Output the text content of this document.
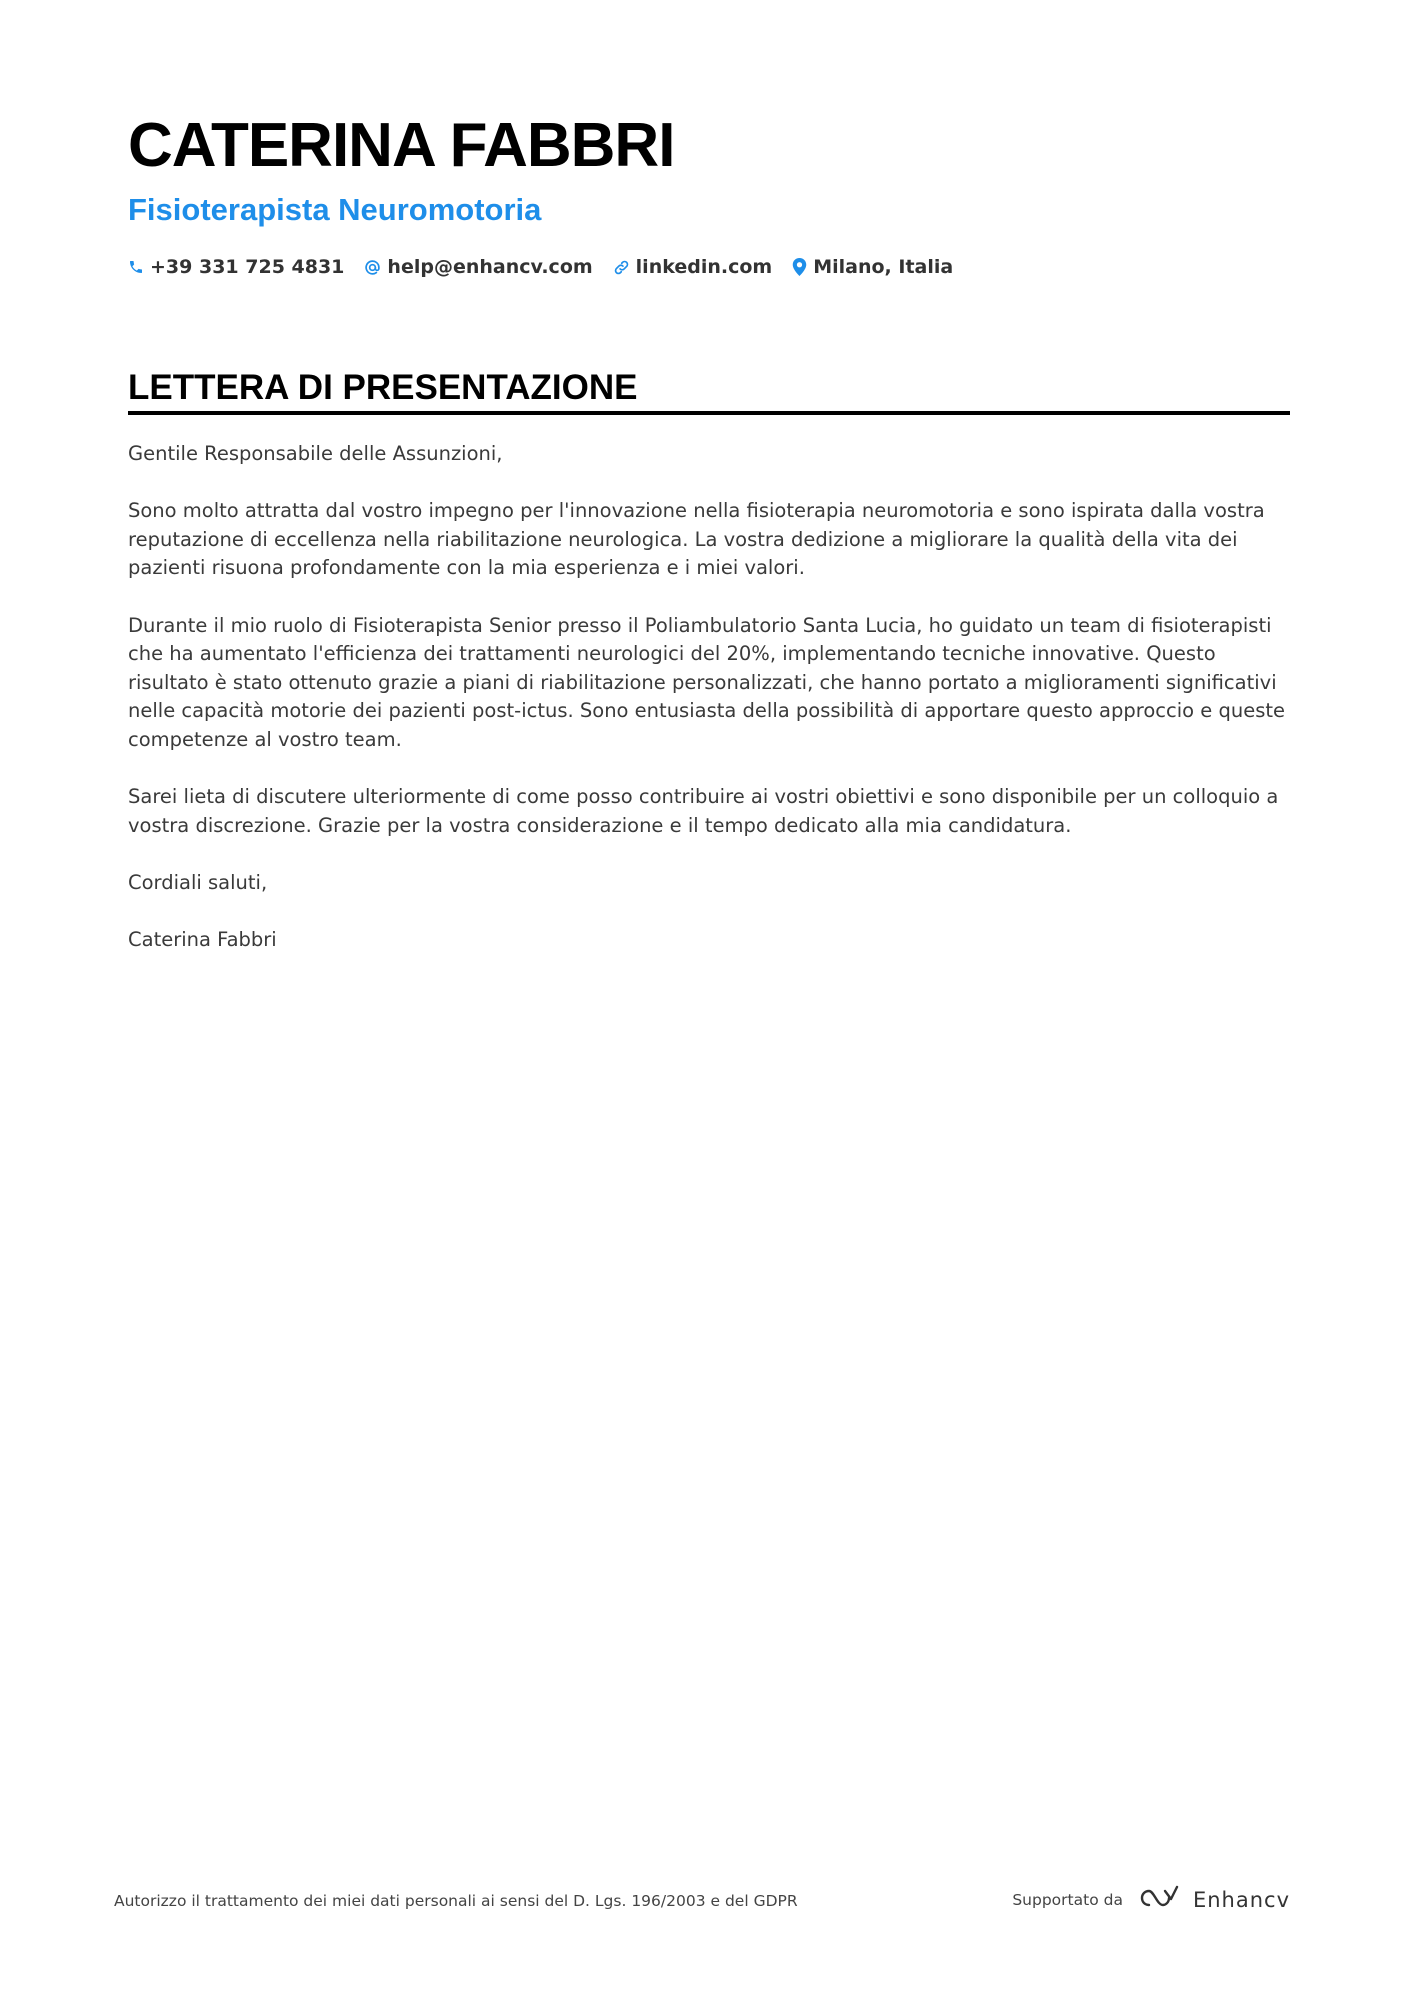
CATERINA FABBRI
Fisioterapista Neuromotoria
+39 331 725 4831 help@enhancv.com linkedin.com Milano, Italia
LETTERA DI PRESENTAZIONE

Gentile Responsabile delle Assunzioni,

Sono molto attratta dal vostro impegno per l'innovazione nella fisioterapia neuromotoria e sono ispirata dalla vostra reputazione di eccellenza nella riabilitazione neurologica. La vostra dedizione a migliorare la qualità della vita dei pazienti risuona profondamente con la mia esperienza e i miei valori.

Durante il mio ruolo di Fisioterapista Senior presso il Poliambulatorio Santa Lucia, ho guidato un team di fisioterapisti che ha aumentato l'efficienza dei trattamenti neurologici del 20%, implementando tecniche innovative. Questo risultato è stato ottenuto grazie a piani di riabilitazione personalizzati, che hanno portato a miglioramenti significativi nelle capacità motorie dei pazienti post-ictus. Sono entusiasta della possibilità di apportare questo approccio e queste competenze al vostro team.

Sarei lieta di discutere ulteriormente di come posso contribuire ai vostri obiettivi e sono disponibile per un colloquio a vostra discrezione. Grazie per la vostra considerazione e il tempo dedicato alla mia candidatura.

Cordiali saluti,

Caterina Fabbri

Autorizzo il trattamento dei miei dati personali ai sensi del D. Lgs. 196/2003 e del GDPR	Supportato da	Enhancv
